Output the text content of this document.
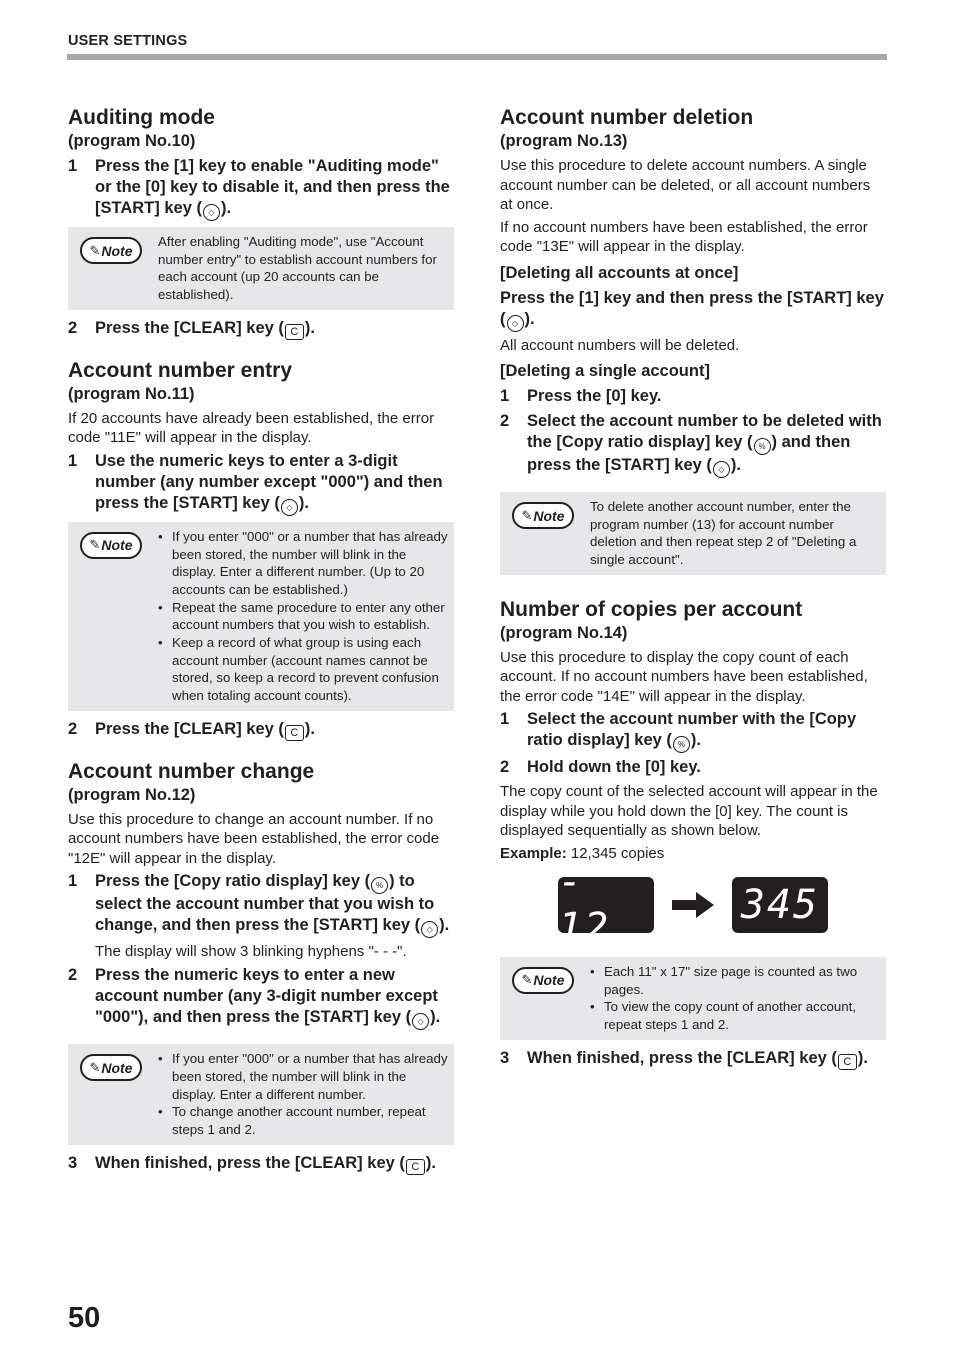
USER SETTINGS
Auditing mode
(program No.10)
1	Press the [1] key to enable "Auditing mode" or the [0] key to disable it, and then press the [START] key ( ◇ ).
✎ Note
After enabling "Auditing mode", use "Account number entry" to establish account numbers for each account (up 20 accounts can be established).
2	Press the [CLEAR] key ( C ).
Account number entry
(program No.11)

If 20 accounts have already been established, the error code "11E" will appear in the display.

1	Use the numeric keys to enter a 3-digit number (any number except "000") and then press the [START] key ( ◇ ).
✎ Note
• If you enter "000" or a number that has already been stored, the number will blink in the display. Enter a different number. (Up to 20 accounts can be established.)
• Repeat the same procedure to enter any other account numbers that you wish to establish.
• Keep a record of what group is using each account number (account names cannot be stored, so keep a record to prevent confusion when totaling account counts).
2	Press the [CLEAR] key ( C ).
Account number change
(program No.12)

Use this procedure to change an account number. If no account numbers have been established, the error code "12E" will appear in the display.

1	Press the [Copy ratio display] key ( % ) to select the account number that you wish to change, and then press the [START] key ( ◇ ).
The display will show 3 blinking hyphens "- - -".
2	Press the numeric keys to enter a new account number (any 3-digit number except "000"), and then press the [START] key ( ◇ ).
✎ Note
• If you enter "000" or a number that has already been stored, the number will blink in the display. Enter a different number.
• To change another account number, repeat steps 1 and 2.
3	When finished, press the [CLEAR] key ( C ).
Account number deletion
(program No.13)

Use this procedure to delete account numbers. A single account number can be deleted, or all account numbers at once.

If no account numbers have been established, the error code "13E" will appear in the display.

[Deleting all accounts at once]
Press the [1] key and then press the [START] key ( ◇ ).

All account numbers will be deleted.

[Deleting a single account]
1	Press the [0] key.
2	Select the account number to be deleted with the [Copy ratio display] key ( % ) and then press the [START] key ( ◇ ).
✎ Note
To delete another account number, enter the program number (13) for account number deletion and then repeat step 2 of "Deleting a single account".
Number of copies per account
(program No.14)

Use this procedure to display the copy count of each account. If no account numbers have been established, the error code "14E" will appear in the display.

1	Select the account number with the [Copy ratio display] key ( % ).
2	Hold down the [0] key.

The copy count of the selected account will appear in the display while you hold down the [0] key. The count is displayed sequentially as shown below.

Example: 12,345 copies
- 12	345
✎ Note
• Each 11" x 17" size page is counted as two pages.
• To view the copy count of another account, repeat steps 1 and 2.
3	When finished, press the [CLEAR] key ( C ).
50
